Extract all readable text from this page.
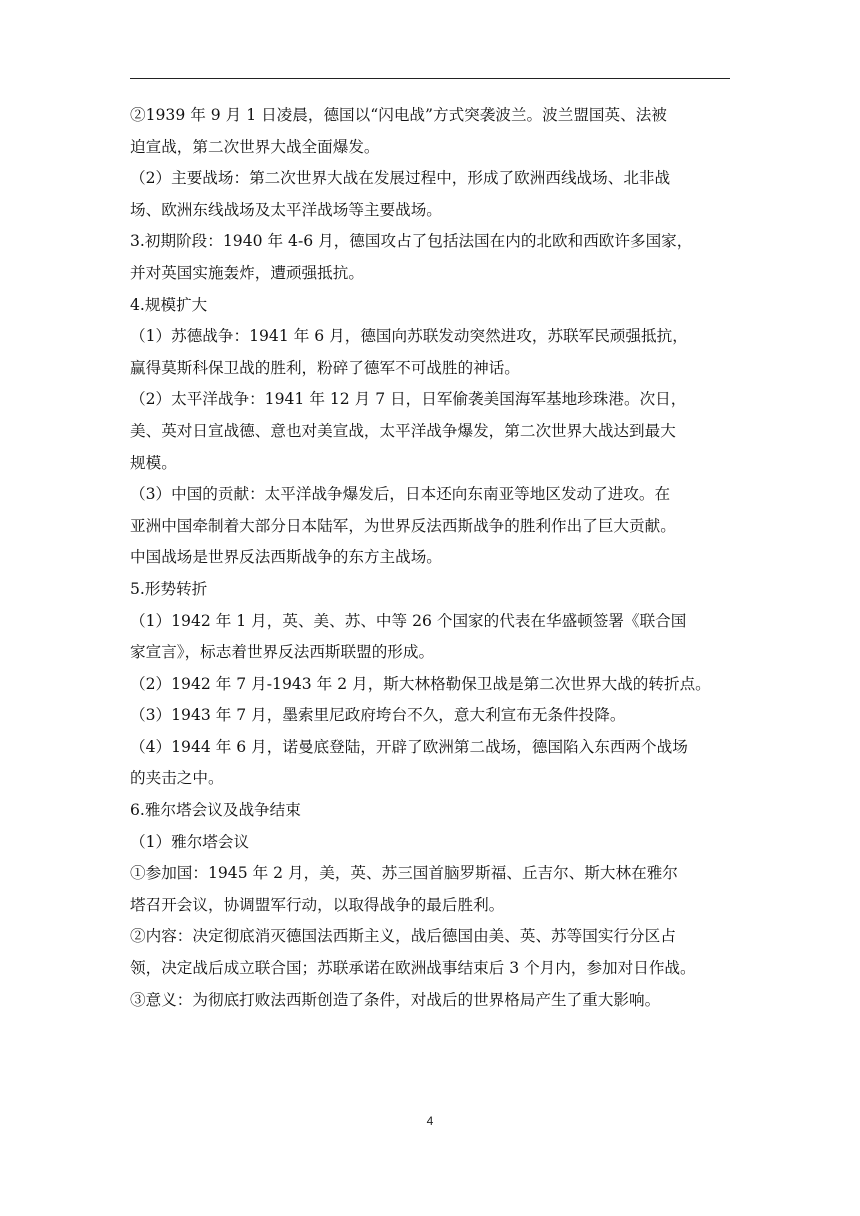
②1939 年 9 月 1 日凌晨，德国以“闪电战”方式突袭波兰。波兰盟国英、法被
迫宣战，第二次世界大战全面爆发。
（2）主要战场：第二次世界大战在发展过程中，形成了欧洲西线战场、北非战
场、欧洲东线战场及太平洋战场等主要战场。
3.初期阶段：1940 年 4-6 月，德国攻占了包括法国在内的北欧和西欧许多国家，
并对英国实施轰炸，遭顽强抵抗。
4.规模扩大
（1）苏德战争：1941 年 6 月，德国向苏联发动突然进攻，苏联军民顽强抵抗，
赢得莫斯科保卫战的胜利，粉碎了德军不可战胜的神话。
（2）太平洋战争：1941 年 12 月 7 日，日军偷袭美国海军基地珍珠港。次日，
美、英对日宣战德、意也对美宣战，太平洋战争爆发，第二次世界大战达到最大
规模。
（3）中国的贡献：太平洋战争爆发后，日本还向东南亚等地区发动了进攻。在
亚洲中国牵制着大部分日本陆军，为世界反法西斯战争的胜利作出了巨大贡献。
中国战场是世界反法西斯战争的东方主战场。
5.形势转折
（1）1942 年 1 月，英、美、苏、中等 26 个国家的代表在华盛顿签署《联合国
家宣言》，标志着世界反法西斯联盟的形成。
（2）1942 年 7 月-1943 年 2 月，斯大林格勒保卫战是第二次世界大战的转折点。
（3）1943 年 7 月，墨索里尼政府垮台不久，意大利宣布无条件投降。
（4）1944 年 6 月，诺曼底登陆，开辟了欧洲第二战场，德国陷入东西两个战场
的夹击之中。
6.雅尔塔会议及战争结束
（1）雅尔塔会议
①参加国：1945 年 2 月，美，英、苏三国首脑罗斯福、丘吉尔、斯大林在雅尔
塔召开会议，协调盟军行动，以取得战争的最后胜利。
②内容：决定彻底消灭德国法西斯主义，战后德国由美、英、苏等国实行分区占
领，决定战后成立联合国；苏联承诺在欧洲战事结束后 3 个月内，参加对日作战。
③意义：为彻底打败法西斯创造了条件，对战后的世界格局产生了重大影响。
4
